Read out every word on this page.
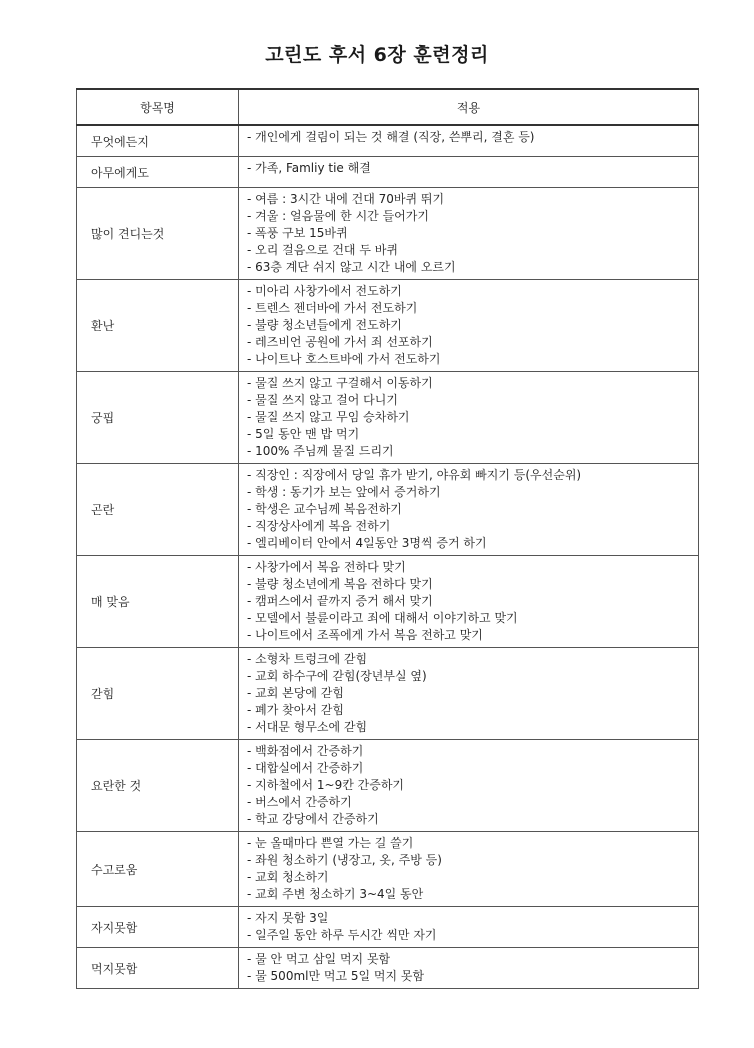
고린도 후서 6장 훈련정리
항목명	적용
무엇에든지	- 개인에게 걸림이 되는 것 해결 (직장, 쓴뿌리, 결혼 등)

아무에게도	- 가족, Famliy tie 해결

많이 견디는것	- 여름 : 3시간 내에 건대 70바퀴 뛰기
- 겨울 : 얼음물에 한 시간 들어가기
- 폭풍 구보 15바퀴
- 오리 걸음으로 건대 두 바퀴
- 63층 계단 쉬지 않고 시간 내에 오르기

환난	- 미아리 사창가에서 전도하기
- 트렌스 젠더바에 가서 전도하기
- 불량 청소년들에게 전도하기
- 레즈비언 공원에 가서 죄 선포하기
- 나이트나 호스트바에 가서 전도하기

궁핍	- 물질 쓰지 않고 구걸해서 이동하기
- 물질 쓰지 않고 걸어 다니기
- 물질 쓰지 않고 무임 승차하기
- 5일 동안 맨 밥 먹기
- 100% 주님께 물질 드리기

곤란	- 직장인 : 직장에서 당일 휴가 받기, 야유회 빠지기 등(우선순위)
- 학생 : 동기가 보는 앞에서 증거하기
- 학생은 교수님께 복음전하기
- 직장상사에게 복음 전하기
- 엘리베이터 안에서 4일동안 3명씩 증거 하기

매 맞음	- 사창가에서 복음 전하다 맞기
- 불량 청소년에게 복음 전하다 맞기
- 캠퍼스에서 끝까지 증거 해서 맞기
- 모델에서 불륜이라고 죄에 대해서 이야기하고 맞기
- 나이트에서 조폭에게 가서 복음 전하고 맞기

갇힘	- 소형차 트렁크에 갇힘
- 교회 하수구에 갇힘(장년부실 옆)
- 교회 본당에 갇힘
- 폐가 찾아서 갇힘
- 서대문 형무소에 갇힘

요란한 것	- 백화점에서 간증하기
- 대합실에서 간증하기
- 지하철에서 1~9칸 간증하기
- 버스에서 간증하기
- 학교 강당에서 간증하기

수고로움	- 눈 올때마다 쁜열 가는 길 쓸기
- 좌원 청소하기 (냉장고, 옷, 주방 등)
- 교회 청소하기
- 교회 주변 청소하기 3~4일 동안

자지못함	- 자지 못함 3일
- 일주일 동안 하루 두시간 씩만 자기

먹지못함	- 물 안 먹고 삼일 먹지 못함
- 물 500ml만 먹고 5일 먹지 못함
